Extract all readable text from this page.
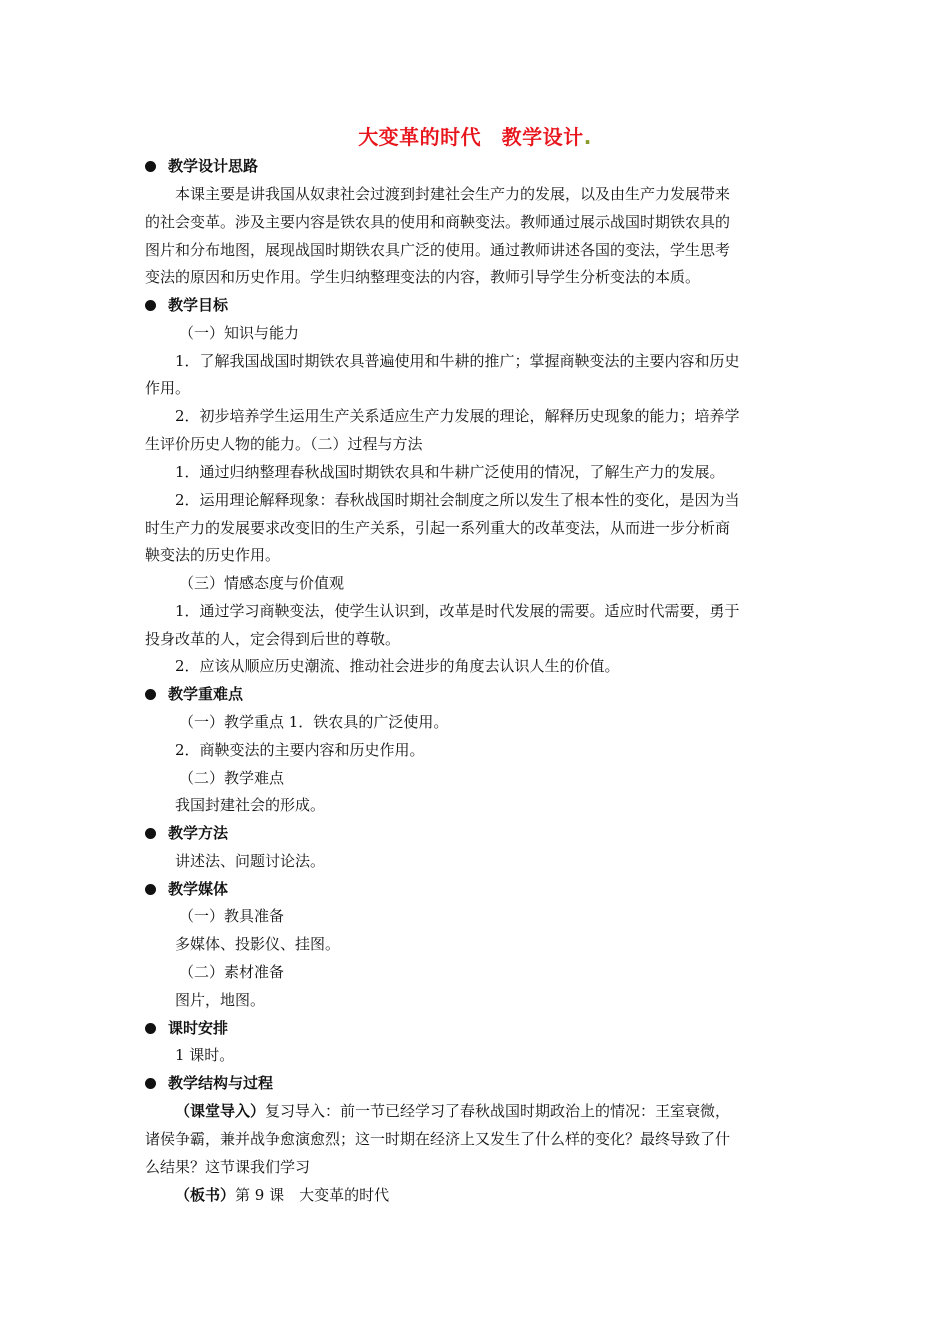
大变革的时代　教学设计.
教学设计思路
本课主要是讲我国从奴隶社会过渡到封建社会生产力的发展，以及由生产力发展带来
的社会变革。涉及主要内容是铁农具的使用和商鞅变法。教师通过展示战国时期铁农具的
图片和分布地图，展现战国时期铁农具广泛的使用。通过教师讲述各国的变法，学生思考
变法的原因和历史作用。学生归纳整理变法的内容，教师引导学生分析变法的本质。
教学目标
（一）知识与能力
1．了解我国战国时期铁农具普遍使用和牛耕的推广；掌握商鞅变法的主要内容和历史
作用。
2．初步培养学生运用生产关系适应生产力发展的理论，解释历史现象的能力；培养学
生评价历史人物的能力。（二）过程与方法
1．通过归纳整理春秋战国时期铁农具和牛耕广泛使用的情况，了解生产力的发展。
2．运用理论解释现象：春秋战国时期社会制度之所以发生了根本性的变化，是因为当
时生产力的发展要求改变旧的生产关系，引起一系列重大的改革变法，从而进一步分析商
鞅变法的历史作用。
（三）情感态度与价值观
1．通过学习商鞅变法，使学生认识到，改革是时代发展的需要。适应时代需要，勇于
投身改革的人，定会得到后世的尊敬。
2．应该从顺应历史潮流、推动社会进步的角度去认识人生的价值。
教学重难点
（一）教学重点 1．铁农具的广泛使用。
2．商鞅变法的主要内容和历史作用。
（二）教学难点
我国封建社会的形成。
教学方法
讲述法、问题讨论法。
教学媒体
（一）教具准备
多媒体、投影仪、挂图。
（二）素材准备
图片，地图。
课时安排
1 课时。
教学结构与过程
（课堂导入）复习导入：前一节已经学习了春秋战国时期政治上的情况：王室衰微，
诸侯争霸，兼并战争愈演愈烈；这一时期在经济上又发生了什么样的变化？最终导致了什
么结果？这节课我们学习
（板书）第 9 课　大变革的时代
